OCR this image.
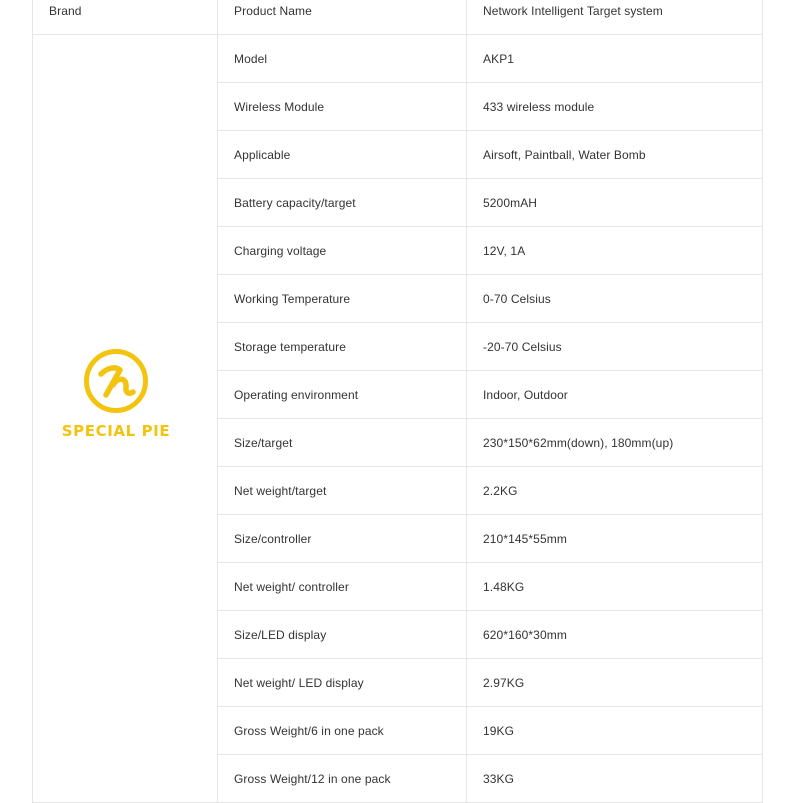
Brand	Product Name	Network Intelligent Target system

SPECIAL PIE	Model	AKP1
	Wireless Module	433 wireless module
	Applicable	Airsoft, Paintball, Water Bomb
	Battery capacity/target	5200mAH
	Charging voltage	12V, 1A
	Working Temperature	0-70 Celsius
	Storage temperature	-20-70 Celsius
	Operating environment	Indoor, Outdoor
	Size/target	230*150*62mm(down), 180mm(up)
	Net weight/target	2.2KG
	Size/controller	210*145*55mm
	Net weight/ controller	1.48KG
	Size/LED display	620*160*30mm
	Net weight/ LED display	2.97KG
	Gross Weight/6 in one pack	19KG
	Gross Weight/12 in one pack	33KG
